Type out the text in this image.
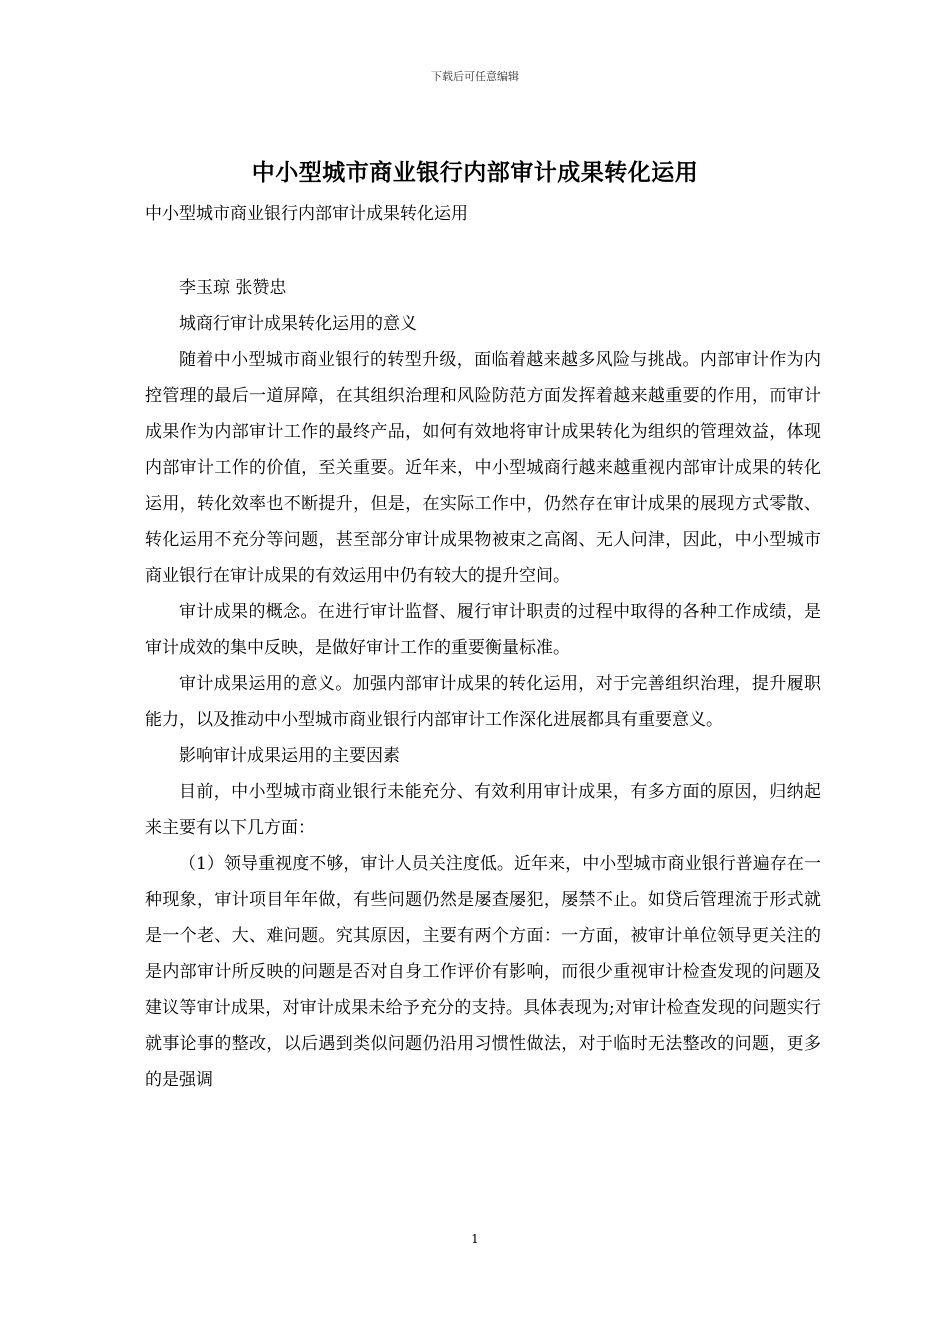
下载后可任意编辑
中小型城市商业银行内部审计成果转化运用
中小型城市商业银行内部审计成果转化运用

李玉琼 张赞忠

城商行审计成果转化运用的意义

随着中小型城市商业银行的转型升级，面临着越来越多风险与挑战。内部审计作为内控管理的最后一道屏障，在其组织治理和风险防范方面发挥着越来越重要的作用，而审计成果作为内部审计工作的最终产品，如何有效地将审计成果转化为组织的管理效益，体现内部审计工作的价值，至关重要。近年来，中小型城商行越来越重视内部审计成果的转化运用，转化效率也不断提升，但是，在实际工作中，仍然存在审计成果的展现方式零散、转化运用不充分等问题，甚至部分审计成果物被束之高阁、无人问津，因此，中小型城市商业银行在审计成果的有效运用中仍有较大的提升空间。

审计成果的概念。在进行审计监督、履行审计职责的过程中取得的各种工作成绩，是审计成效的集中反映，是做好审计工作的重要衡量标准。

审计成果运用的意义。加强内部审计成果的转化运用，对于完善组织治理，提升履职能力，以及推动中小型城市商业银行内部审计工作深化进展都具有重要意义。

影响审计成果运用的主要因素

目前，中小型城市商业银行未能充分、有效利用审计成果，有多方面的原因，归纳起来主要有以下几方面：

（1）领导重视度不够，审计人员关注度低。近年来，中小型城市商业银行普遍存在一种现象，审计项目年年做，有些问题仍然是屡查屡犯，屡禁不止。如贷后管理流于形式就是一个老、大、难问题。究其原因，主要有两个方面：一方面，被审计单位领导更关注的是内部审计所反映的问题是否对自身工作评价有影响，而很少重视审计检查发现的问题及建议等审计成果，对审计成果未给予充分的支持。具体表现为;对审计检查发现的问题实行就事论事的整改，以后遇到类似问题仍沿用习惯性做法，对于临时无法整改的问题，更多的是强调

1
